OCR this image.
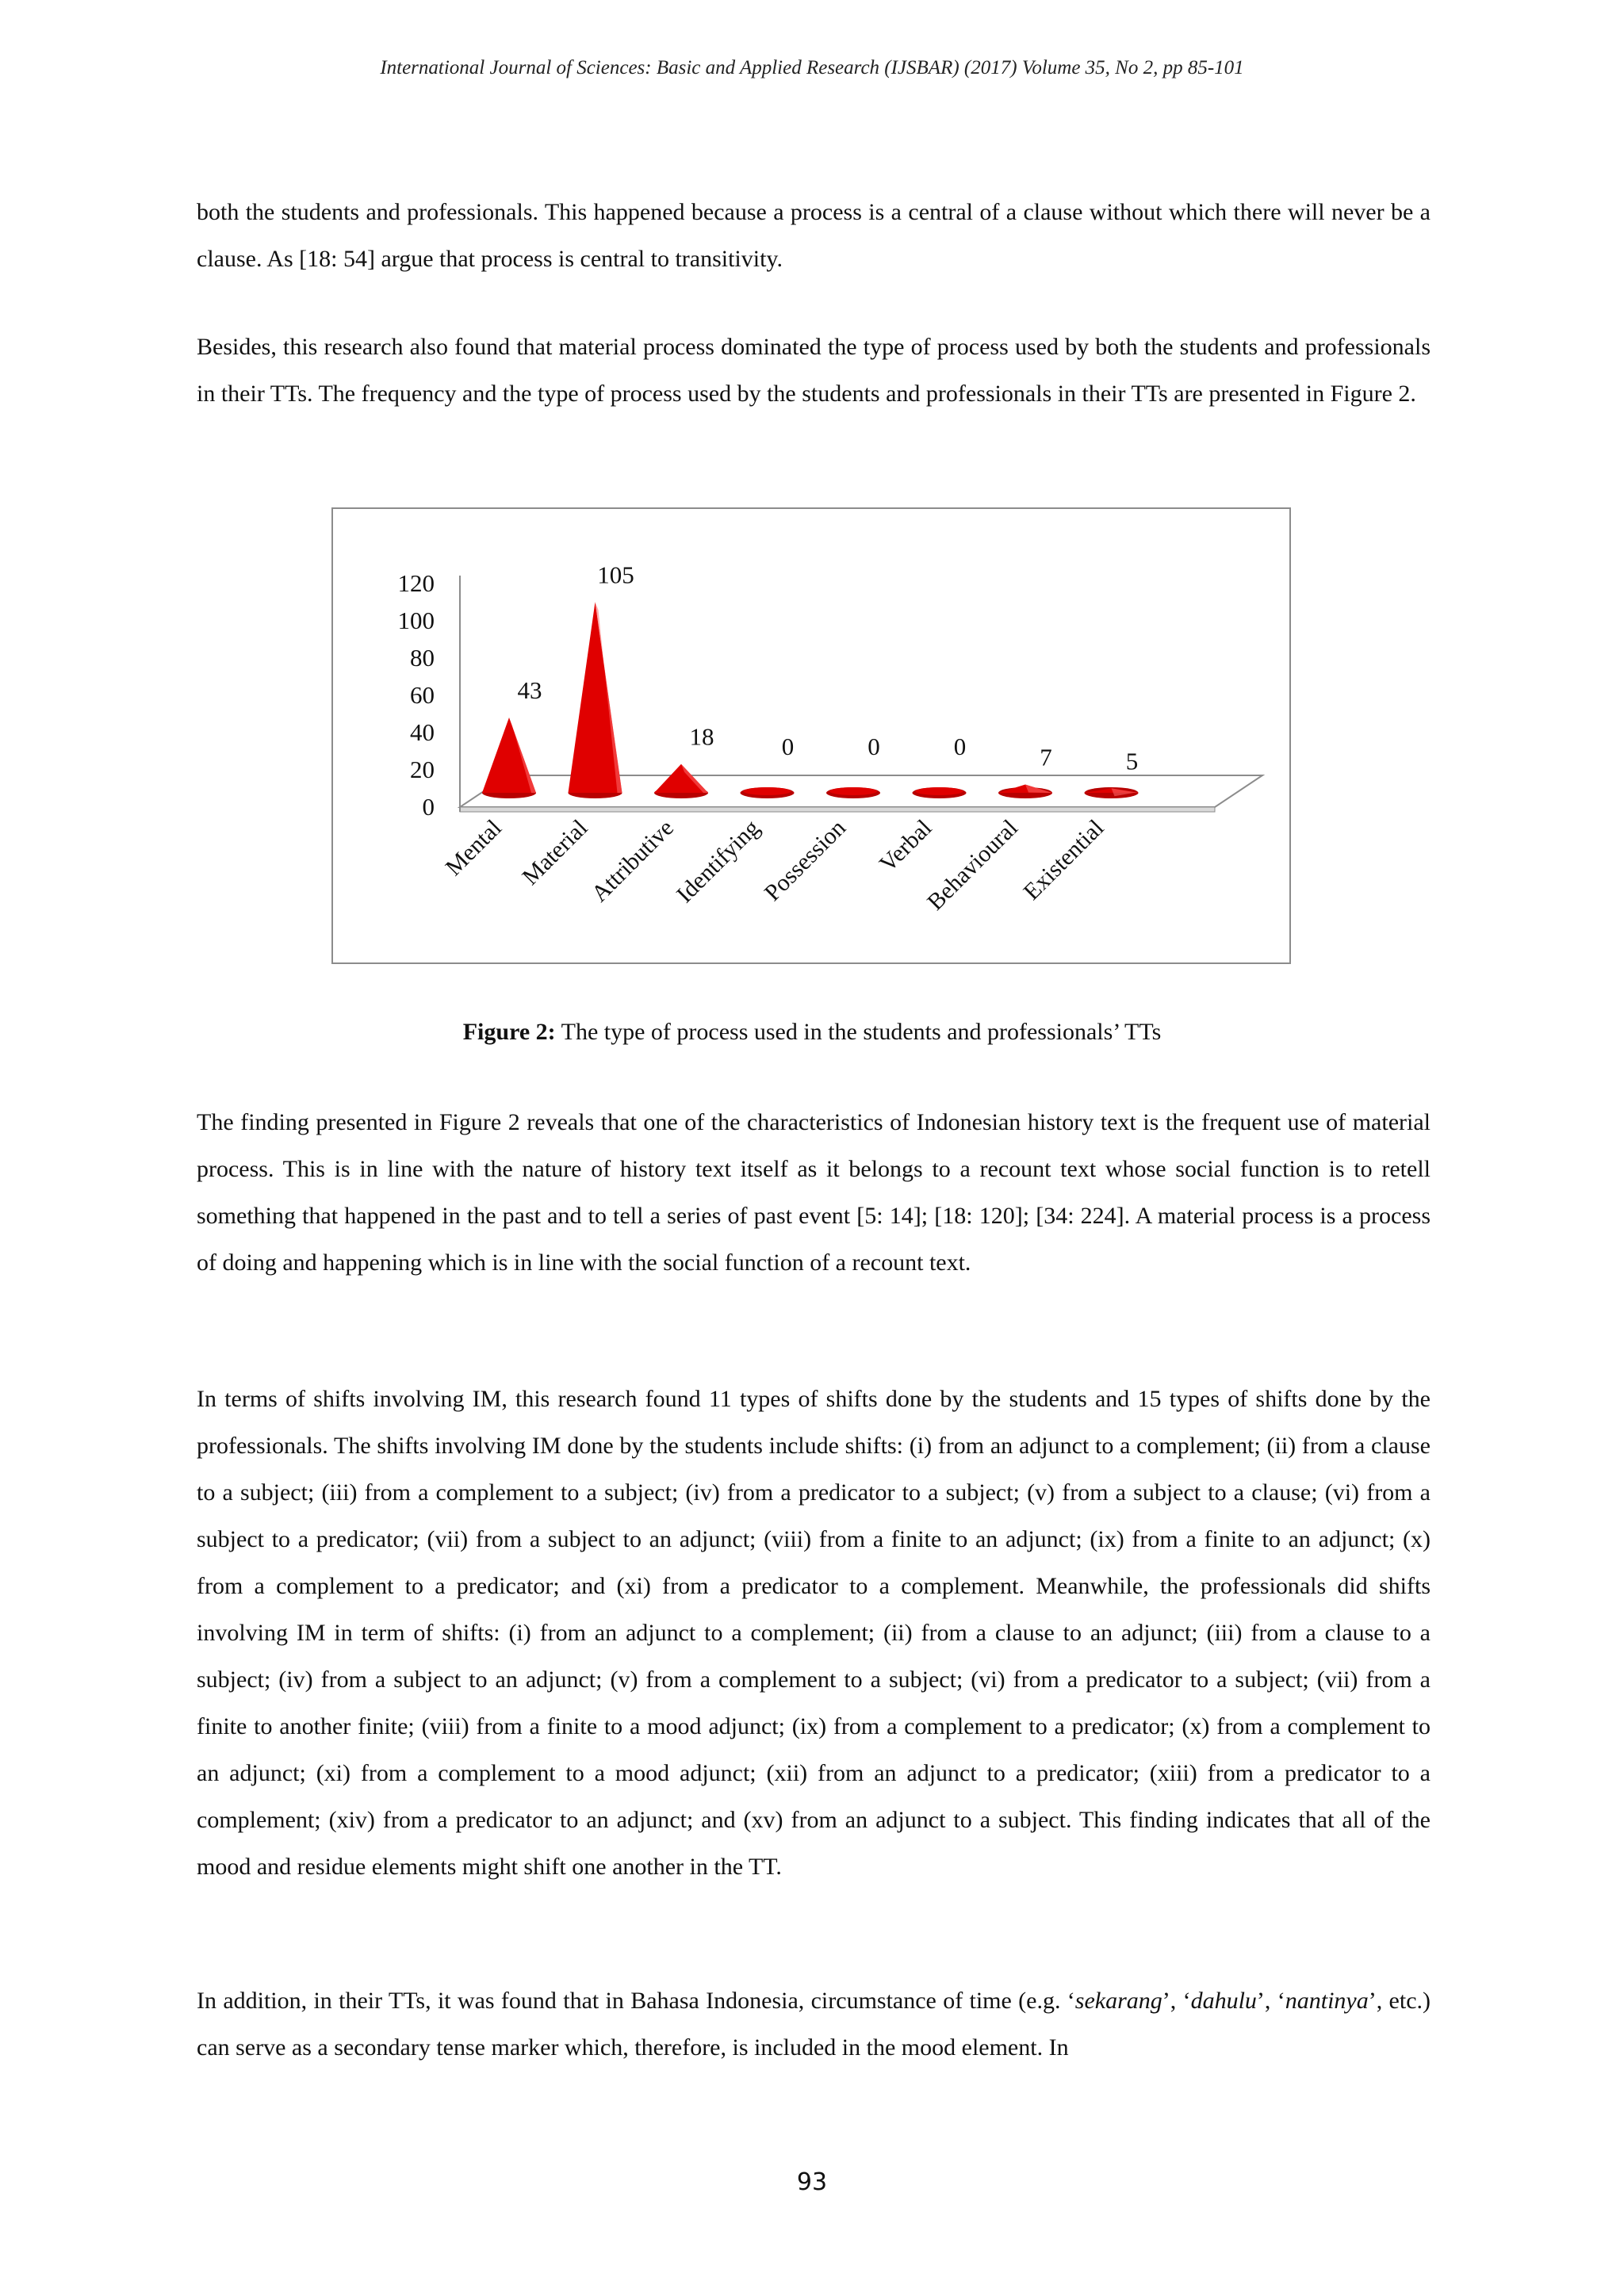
International Journal of Sciences: Basic and Applied Research (IJSBAR) (2017) Volume 35, No 2, pp 85-101

both the students and professionals. This happened because a process is a central of a clause without which there will never be a clause. As [18: 54] argue that process is central to transitivity.

Besides, this research also found that material process dominated the type of process used by both the students and professionals in their TTs. The frequency and the type of process used by the students and professionals in their TTs are presented in Figure 2.

0
20
40
60
80
100
120
43
Mental
105
Material
18
Attributive
0
Identifying
0
Possession
0
Verbal
7
Behavioural
5
Existential
Figure 2: The type of process used in the students and professionals’ TTs

The finding presented in Figure 2 reveals that one of the characteristics of Indonesian history text is the frequent use of material process. This is in line with the nature of history text itself as it belongs to a recount text whose social function is to retell something that happened in the past and to tell a series of past event [5: 14]; [18: 120]; [34: 224]. A material process is a process of doing and happening which is in line with the social function of a recount text.

In terms of shifts involving IM, this research found 11 types of shifts done by the students and 15 types of shifts done by the professionals. The shifts involving IM done by the students include shifts: (i) from an adjunct to a complement; (ii) from a clause to a subject; (iii) from a complement to a subject; (iv) from a predicator to a subject; (v) from a subject to a clause; (vi) from a subject to a predicator; (vii) from a subject to an adjunct; (viii) from a finite to an adjunct; (ix) from a finite to an adjunct; (x) from a complement to a predicator; and (xi) from a predicator to a complement. Meanwhile, the professionals did shifts involving IM in term of shifts: (i) from an adjunct to a complement; (ii) from a clause to an adjunct; (iii) from a clause to a subject; (iv) from a subject to an adjunct; (v) from a complement to a subject; (vi) from a predicator to a subject; (vii) from a finite to another finite; (viii) from a finite to a mood adjunct; (ix) from a complement to a predicator; (x) from a complement to an adjunct; (xi) from a complement to a mood adjunct; (xii) from an adjunct to a predicator; (xiii) from a predicator to a complement; (xiv) from a predicator to an adjunct; and (xv) from an adjunct to a subject. This finding indicates that all of the mood and residue elements might shift one another in the TT.

In addition, in their TTs, it was found that in Bahasa Indonesia, circumstance of time (e.g. ‘sekarang’, ‘dahulu’, ‘nantinya’, etc.) can serve as a secondary tense marker which, therefore, is included in the mood element. In

93
